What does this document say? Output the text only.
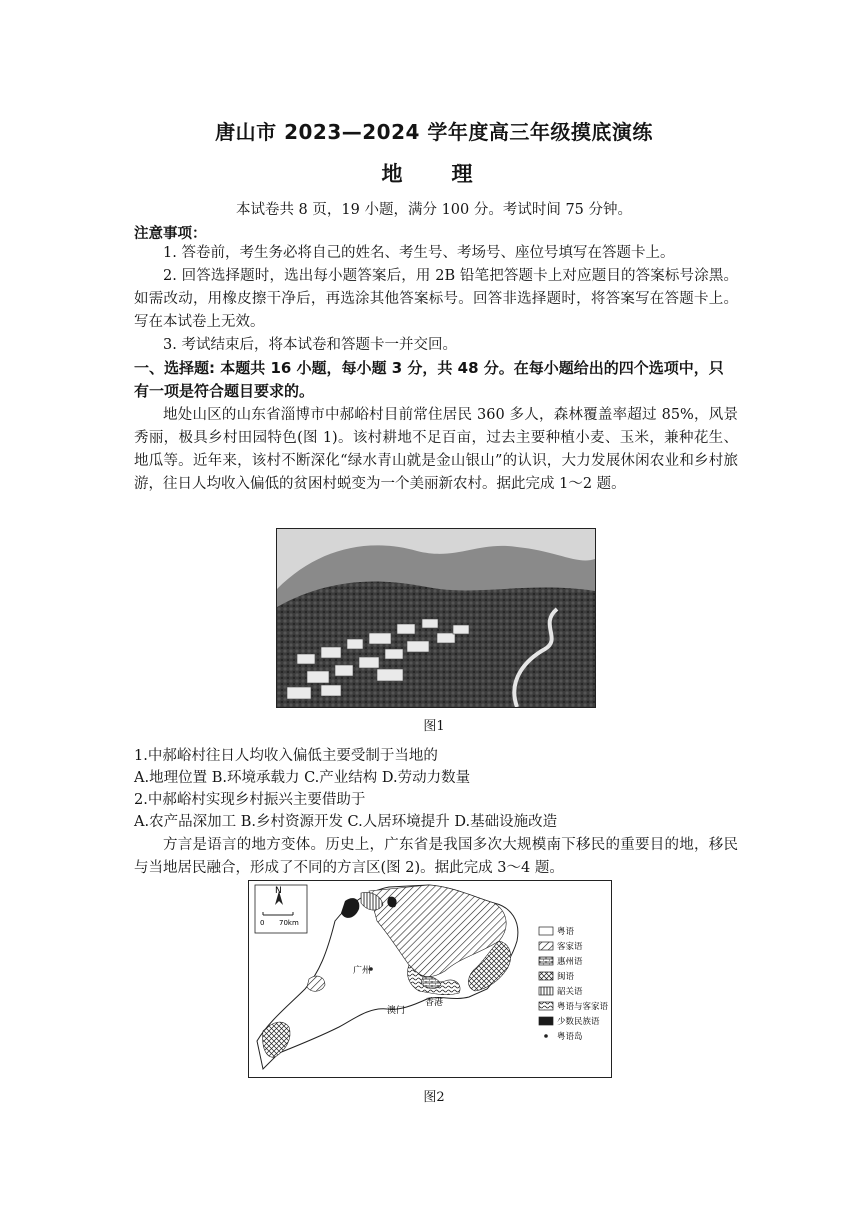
唐山市 2023—2024 学年度高三年级摸底演练
地　理
本试卷共 8 页，19 小题，满分 100 分。考试时间 75 分钟。
注意事项：
1. 答卷前，考生务必将自己的姓名、考生号、考场号、座位号填写在答题卡上。
2. 回答选择题时，选出每小题答案后，用 2B 铅笔把答题卡上对应题目的答案标号涂黑。如需改动，用橡皮擦干净后，再选涂其他答案标号。回答非选择题时，将答案写在答题卡上。写在本试卷上无效。
3. 考试结束后，将本试卷和答题卡一并交回。
一、选择题: 本题共 16 小题，每小题 3 分，共 48 分。在每小题给出的四个选项中，只有一项是符合题目要求的。
地处山区的山东省淄博市中郝峪村目前常住居民 360 多人，森林覆盖率超过 85%，风景秀丽，极具乡村田园特色(图 1)。该村耕地不足百亩，过去主要种植小麦、玉米，兼种花生、地瓜等。近年来，该村不断深化“绿水青山就是金山银山”的认识，大力发展休闲农业和乡村旅游，往日人均收入偏低的贫困村蜕变为一个美丽新农村。据此完成 1～2 题。
图1
1.中郝峪村往日人均收入偏低主要受制于当地的
A.地理位置 B.环境承载力 C.产业结构 D.劳动力数量
2.中郝峪村实现乡村振兴主要借助于
A.农产品深加工 B.乡村资源开发 C.人居环境提升 D.基础设施改造
方言是语言的地方变体。历史上，广东省是我国多次大规模南下移民的重要目的地，移民与当地居民融合，形成了不同的方言区(图 2)。据此完成 3～4 题。
N
0 70km
广州
香港
澳门
粤语
客家语
惠州语
闽语
韶关语
粤语与客家语
少数民族语
粤语岛
图2
